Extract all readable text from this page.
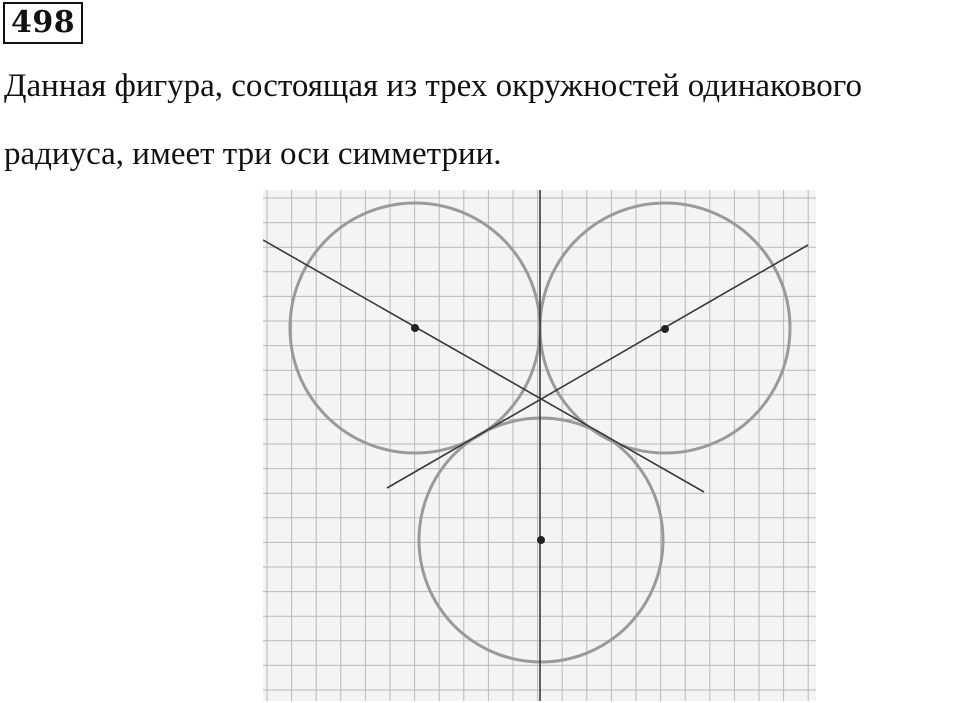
498
Данная фигура, состоящая из трех окружностей одинакового
радиуса, имеет три оси симметрии.
